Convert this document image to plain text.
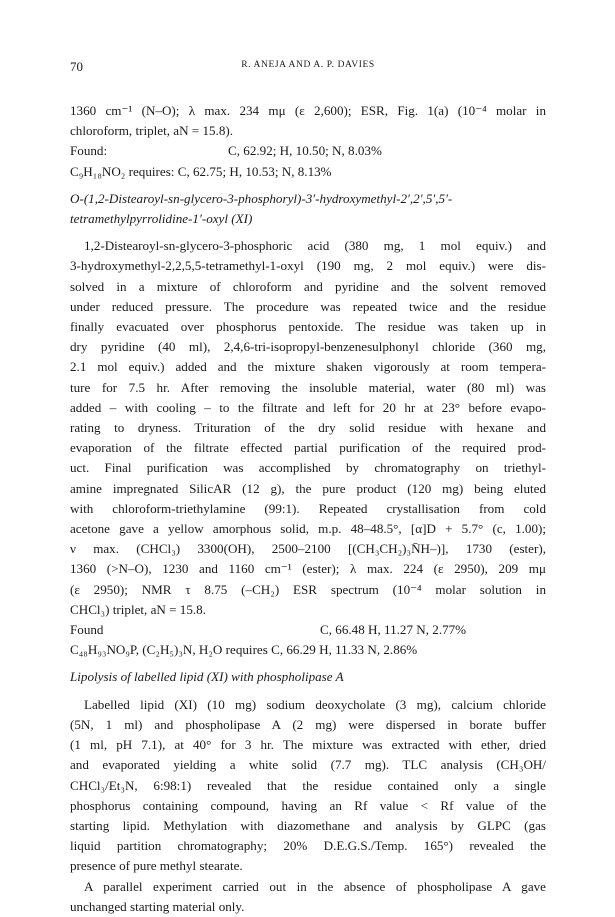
70	R. ANEJA AND A. P. DAVIES
1360 cm⁻¹ (N–O); λ max. 234 mμ (ε 2,600); ESR, Fig. 1(a) (10⁻⁴ molar in
chloroform, triplet, aN = 15.8).
Found:	C, 62.92; H, 10.50; N, 8.03%
C₉H₁₈NO₂ requires: C, 62.75; H, 10.53; N, 8.13%
O-(1,2-Distearoyl-sn-glycero-3-phosphoryl)-3′-hydroxymethyl-2′,2′,5′,5′-
tetramethylpyrrolidine-1′-oxyl (XI)
1,2-Distearoyl-sn-glycero-3-phosphoric acid (380 mg, 1 mol equiv.) and
3-hydroxymethyl-2,2,5,5-tetramethyl-1-oxyl (190 mg, 2 mol equiv.) were dis-
solved in a mixture of chloroform and pyridine and the solvent removed
under reduced pressure. The procedure was repeated twice and the residue
finally evacuated over phosphorus pentoxide. The residue was taken up in
dry pyridine (40 ml), 2,4,6-tri-isopropyl-benzenesulphonyl chloride (360 mg,
2.1 mol equiv.) added and the mixture shaken vigorously at room tempera-
ture for 7.5 hr. After removing the insoluble material, water (80 ml) was
added – with cooling – to the filtrate and left for 20 hr at 23° before evapo-
rating to dryness. Trituration of the dry solid residue with hexane and
evaporation of the filtrate effected partial purification of the required prod-
uct. Final purification was accomplished by chromatography on triethyl-
amine impregnated SilicAR (12 g), the pure product (120 mg) being eluted
with chloroform-triethylamine (99:1). Repeated crystallisation from cold
acetone gave a yellow amorphous solid, m.p. 48–48.5°, [α]D + 5.7° (c, 1.00);
ν max. (CHCl₃) 3300(OH), 2500–2100 [(CH₃CH₂)₃N̄H–)], 1730 (ester),
1360 (>N–O), 1230 and 1160 cm⁻¹ (ester); λ max. 224 (ε 2950), 209 mμ
(ε 2950); NMR τ 8.75 (–CH₂) ESR spectrum (10⁻⁴ molar solution in
CHCl₃) triplet, aN = 15.8.
Found	C, 66.48 H, 11.27 N, 2.77%
C₄₈H₉₃NO₉P, (C₂H₅)₃N, H₂O requires C, 66.29 H, 11.33 N, 2.86%
Lipolysis of labelled lipid (XI) with phospholipase A
Labelled lipid (XI) (10 mg) sodium deoxycholate (3 mg), calcium chloride
(5N, 1 ml) and phospholipase A (2 mg) were dispersed in borate buffer
(1 ml, pH 7.1), at 40° for 3 hr. The mixture was extracted with ether, dried
and evaporated yielding a white solid (7.7 mg). TLC analysis (CH₃OH/
CHCl₃/Et₃N, 6:98:1) revealed that the residue contained only a single
phosphorus containing compound, having an Rf value < Rf value of the
starting lipid. Methylation with diazomethane and analysis by GLPC (gas
liquid partition chromatography; 20% D.E.G.S./Temp. 165°) revealed the
presence of pure methyl stearate.
A parallel experiment carried out in the absence of phospholipase A gave
unchanged starting material only.
